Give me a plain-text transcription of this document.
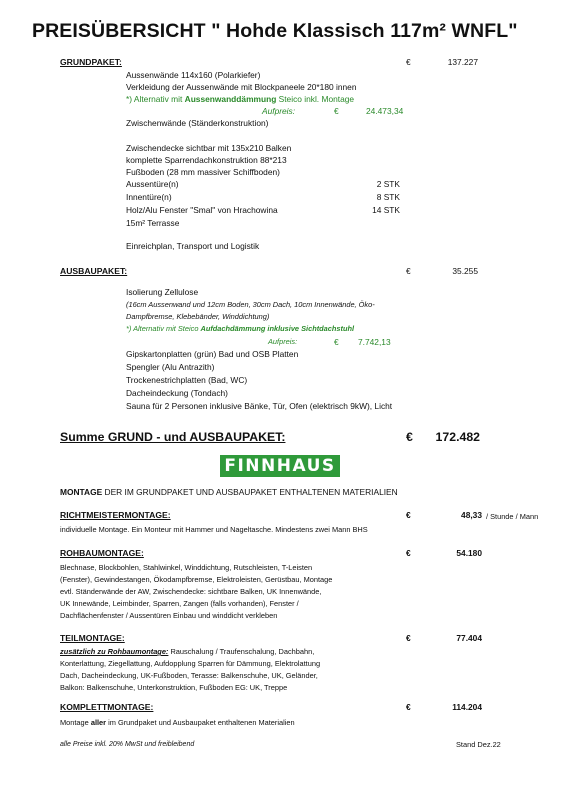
PREISÜBERSICHT " Hohde Klassisch 117m² WNFL"
GRUNDPAKET:	€	137.227
Aussenwände 114x160 (Polarkiefer)
Verkleidung der Aussenwände mit Blockpaneele 20*180 innen
*) Alternativ mit Aussenwanddämmung Steico inkl. Montage
Aufpreis:	€	24.473,34
Zwischenwände (Ständerkonstruktion)
Zwischendecke sichtbar mit 135x210 Balken
komplette Sparrendachkonstruktion 88*213
Fußboden (28 mm massiver Schiffboden)
Aussentüre(n)	2 STK
Innentüre(n)	8 STK
Holz/Alu Fenster "Smal" von Hrachowina	14 STK
15m² Terrasse
Einreichplan, Transport und Logistik
AUSBAUPAKET:	€	35.255
Isolierung Zellulose
(16cm Aussenwand und 12cm Boden, 30cm Dach, 10cm Innenwände, Öko-
Dampfbremse, Klebebänder, Winddichtung)
*) Alternativ mit Steico Aufdachdämmung inklusive Sichtdachstuhl
Aufpreis:	€ 7.742,13
Gipskartonplatten (grün) Bad und OSB Platten
Spengler (Alu Antrazith)
Trockenestrichplatten (Bad, WC)
Dacheindeckung (Tondach)
Sauna für 2 Personen inklusive Bänke, Tür, Ofen (elektrisch 9kW), Licht
Summe GRUND - und AUSBAUPAKET:	€	172.482
FINNHAUS
MONTAGE DER IM GRUNDPAKET UND AUSBAUPAKET ENTHALTENEN MATERIALIEN
RICHTMEISTERMONTAGE:	€	48,33 / Stunde / Mann
individuelle Montage. Ein Monteur mit Hammer und Nageltasche. Mindestens zwei Mann BHS
ROHBAUMONTAGE:	€	54.180
Blechnase, Blockbohlen, Stahlwinkel, Winddichtung, Rutschleisten, T-Leisten
(Fenster), Gewindestangen, Ökodampfbremse, Elektroleisten, Gerüstbau, Montage
evtl. Ständerwände der AW, Zwischendecke: sichtbare Balken, UK Innenwände,
UK Innewände, Leimbinder, Sparren, Zangen (falls vorhanden), Fenster /
Dachflächenfenster / Aussentüren Einbau und winddicht verkleben
TEILMONTAGE:	€	77.404
zusätzlich zu Rohbaumontage: Rauschalung / Traufenschalung, Dachbahn,
Konterlattung, Ziegellattung, Aufdopplung Sparren für Dämmung, Elektrolattung
Dach, Dacheindeckung, UK-Fußboden, Terasse: Balkenschuhe, UK, Geländer,
Balkon: Balkenschuhe, Unterkonstruktion, Fußboden EG: UK, Treppe
KOMPLETTMONTAGE:	€	114.204
Montage aller im Grundpaket und Ausbaupaket enthaltenen Materialien
alle Preise inkl. 20% MwSt und freibleibend	Stand Dez.22
